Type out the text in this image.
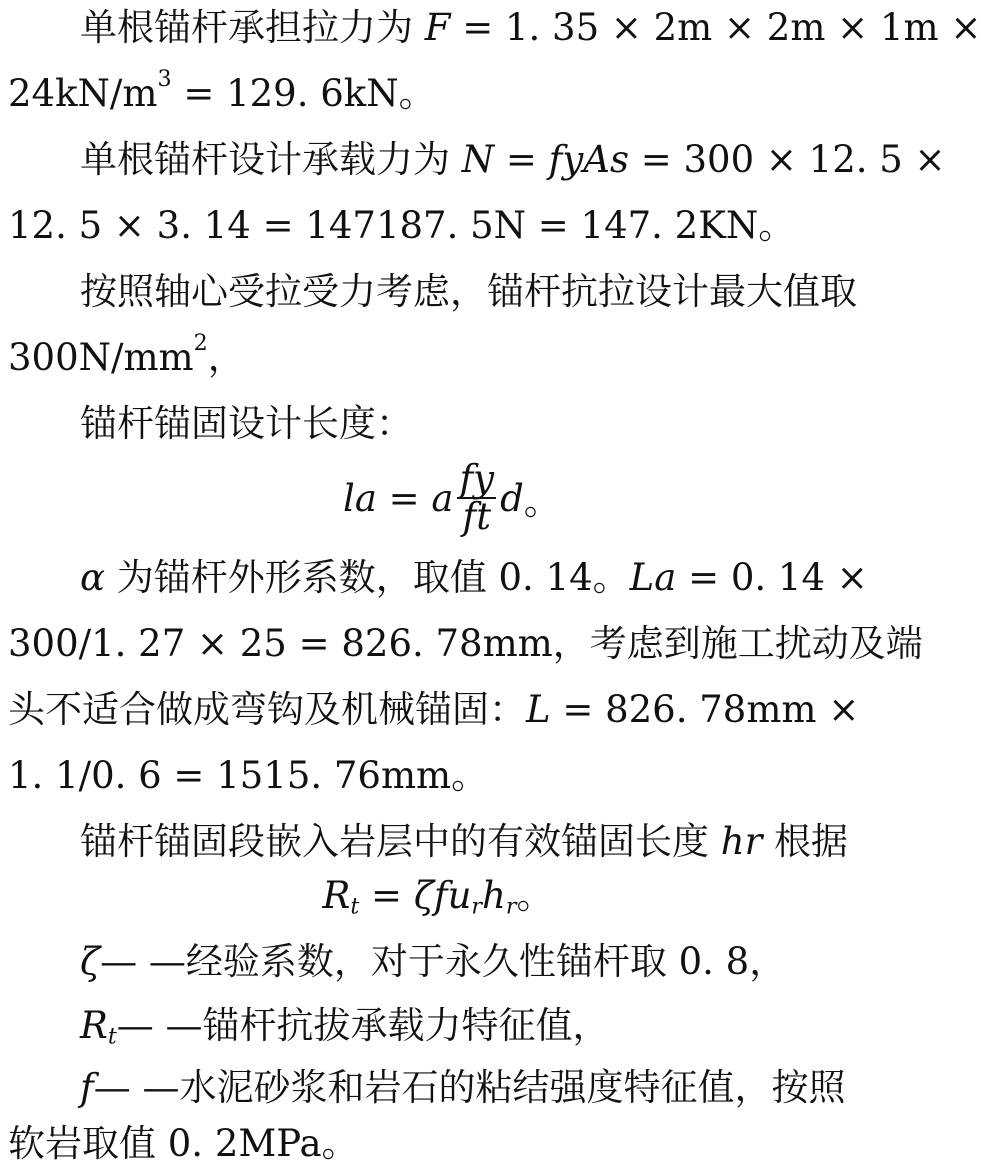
单根锚杆承担拉力为 F = 1. 35 × 2m × 2m × 1m ×
$24kN/m^3 = 129$. 6kN。
单根锚杆设计承载力为 N = fyAs = 300 × 12. 5 ×
12. 5 × 3. 14 = 147187. 5N = 147. 2KN。
按照轴心受拉受力考虑，锚杆抗拉设计最大值取
$300N/mm^2$，
锚杆锚固设计长度：
la = a $\frac{fy}{ft}$ d 。
α 为锚杆外形系数，取值 0. 14。La = 0. 14 ×
300/1. 27 × 25 = 826. 78mm，考虑到施工扰动及端
头不适合做成弯钩及机械锚固：L = 826. 78mm ×
1. 1/0. 6 = 1515. 76mm。
锚杆锚固段嵌入岩层中的有效锚固长度 hr 根据
$R_t = \zeta fu_rh_r$。
ζ— —经验系数，对于永久性锚杆取 0. 8，
$R_t—$ —锚杆抗拔承载力特征值，
f— —水泥砂浆和岩石的粘结强度特征值，按照
软岩取值 0. 2MPa。
